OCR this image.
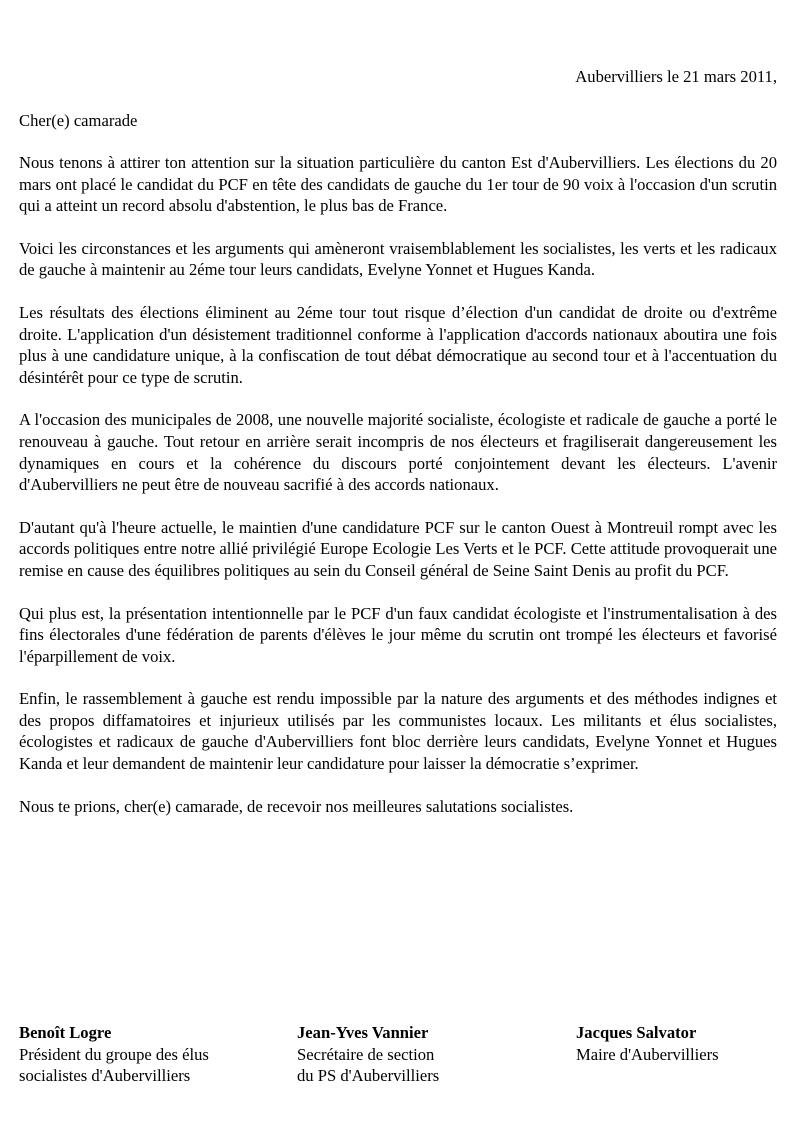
Aubervilliers le 21 mars 2011,
Cher(e) camarade

Nous tenons à attirer ton attention sur la situation particulière du canton Est d'Aubervilliers. Les élections du 20 mars ont placé le candidat du PCF en tête des candidats de gauche du 1er tour de 90 voix à l'occasion d'un scrutin qui a atteint un record absolu d'abstention, le plus bas de France.

Voici les circonstances et les arguments qui amèneront vraisemblablement les socialistes, les verts et les radicaux de gauche à maintenir au 2éme tour leurs candidats, Evelyne Yonnet et Hugues Kanda.

Les résultats des élections éliminent au 2éme tour tout risque d’élection d'un candidat de droite ou d'extrême droite. L'application d'un désistement traditionnel conforme à l'application d'accords nationaux aboutira une fois plus à une candidature unique, à la confiscation de tout débat démocratique au second tour et à l'accentuation du désintérêt pour ce type de scrutin.

A l'occasion des municipales de 2008, une nouvelle majorité socialiste, écologiste et radicale de gauche a porté le renouveau à gauche. Tout retour en arrière serait incompris de nos électeurs et fragiliserait dangereusement les dynamiques en cours et la cohérence du discours porté conjointement devant les électeurs. L'avenir d'Aubervilliers ne peut être de nouveau sacrifié à des accords nationaux.

D'autant qu'à l'heure actuelle, le maintien d'une candidature PCF sur le canton Ouest à Montreuil rompt avec les accords politiques entre notre allié privilégié Europe Ecologie Les Verts et le PCF. Cette attitude provoquerait une remise en cause des équilibres politiques au sein du Conseil général de Seine Saint Denis au profit du PCF.

Qui plus est, la présentation intentionnelle par le PCF d'un faux candidat écologiste et l'instrumentalisation à des fins électorales d'une fédération de parents d'élèves le jour même du scrutin ont trompé les électeurs et favorisé l'éparpillement de voix.

Enfin, le rassemblement à gauche est rendu impossible par la nature des arguments et des méthodes indignes et des propos diffamatoires et injurieux utilisés par les communistes locaux. Les militants et élus socialistes, écologistes et radicaux de gauche d'Aubervilliers font bloc derrière leurs candidats, Evelyne Yonnet et Hugues Kanda et leur demandent de maintenir leur candidature pour laisser la démocratie s’exprimer.

Nous te prions, cher(e) camarade, de recevoir nos meilleures salutations socialistes.

Benoît Logre
Président du groupe des élus
socialistes d'Aubervilliers
Jean-Yves Vannier
Secrétaire de section
du PS d'Aubervilliers
Jacques Salvator
Maire d'Aubervilliers
